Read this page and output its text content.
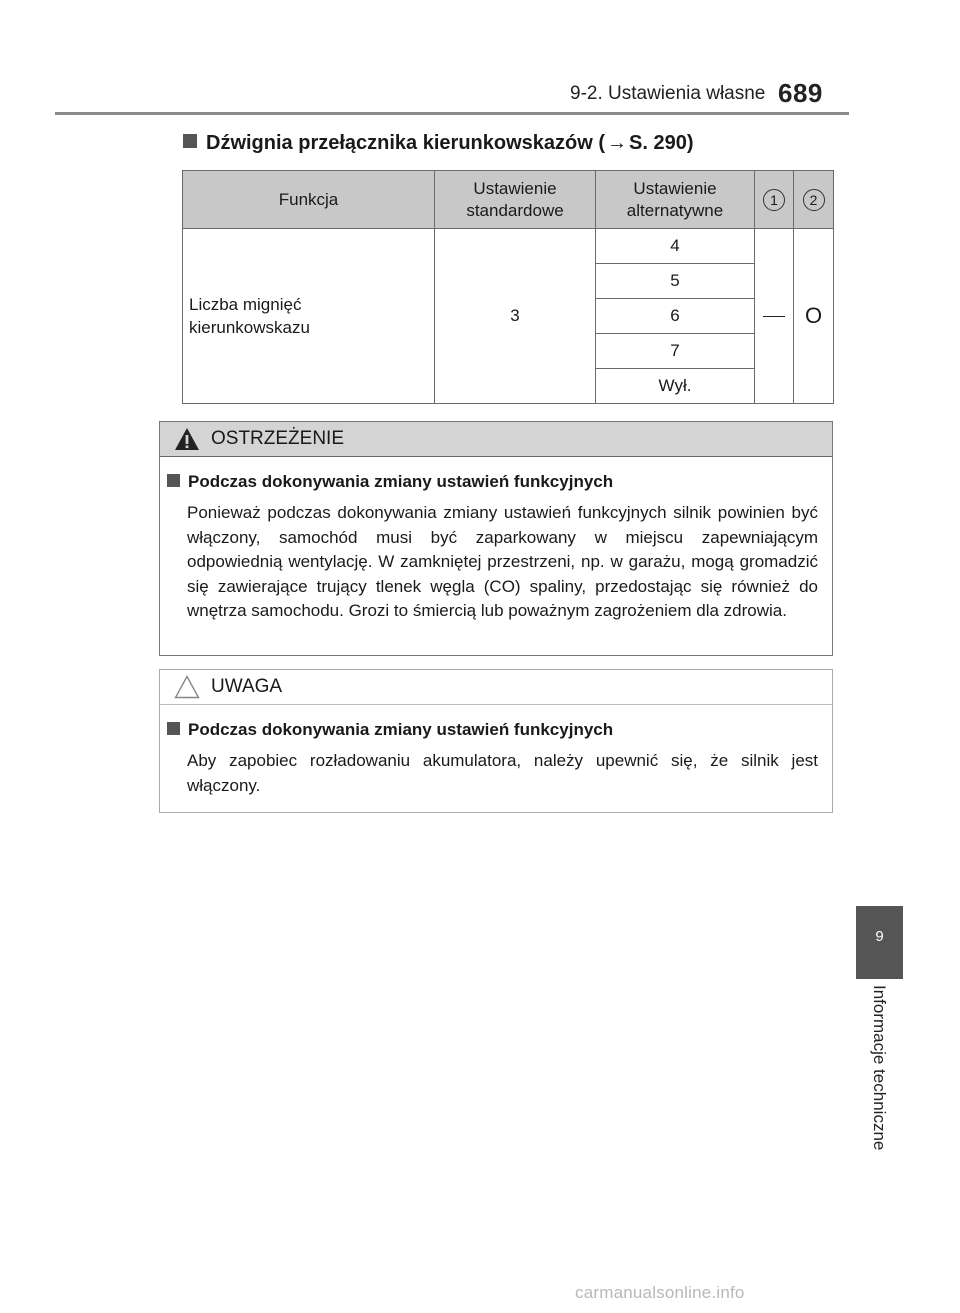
9-2. Ustawienia własne 689
Dźwignia przełącznika kierunkowskazów ( → S. 290)
Funkcja	Ustawienie standardowe	Ustawienie alternatywne	1	2
Liczba mignięć kierunkowskazu	3	4		O
		5		
		6		
		7		
		Wył.		
OSTRZEŻENIE
Podczas dokonywania zmiany ustawień funkcyjnych
Ponieważ podczas dokonywania zmiany ustawień funkcyjnych silnik powinien być włączony, samochód musi być zaparkowany w miejscu zapewniającym odpowiednią wentylację. W zamkniętej przestrzeni, np. w garażu, mogą gromadzić się zawierające trujący tlenek węgla (CO) spaliny, przedostając się również do wnętrza samochodu. Grozi to śmiercią lub poważnym zagrożeniem dla zdrowia.
UWAGA
Podczas dokonywania zmiany ustawień funkcyjnych
Aby zapobiec rozładowaniu akumulatora, należy upewnić się, że silnik jest włączony.
9
Informacje techniczne
carmanualsonline.info
